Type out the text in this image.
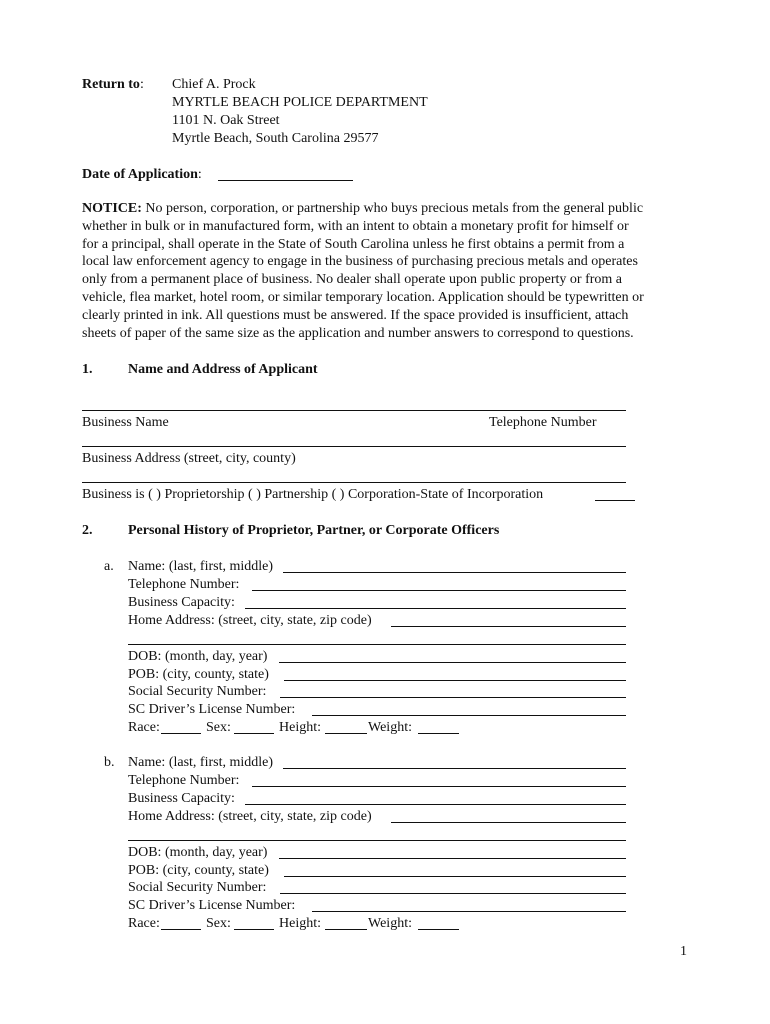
Return to: Chief A. Prock
MYRTLE BEACH POLICE DEPARTMENT
1101 N. Oak Street
Myrtle Beach, South Carolina 29577
Date of Application:
NOTICE: No person, corporation, or partnership who buys precious metals from the general public
whether in bulk or in manufactured form, with an intent to obtain a monetary profit for himself or
for a principal, shall operate in the State of South Carolina unless he first obtains a permit from a
local law enforcement agency to engage in the business of purchasing precious metals and operates
only from a permanent place of business. No dealer shall operate upon public property or from a
vehicle, flea market, hotel room, or similar temporary location. Application should be typewritten or
clearly printed in ink. All questions must be answered. If the space provided is insufficient, attach
sheets of paper of the same size as the application and number answers to correspond to questions.
1.	Name and Address of Applicant
Business Name	Telephone Number
Business Address (street, city, county)
Business is ( ) Proprietorship ( ) Partnership ( ) Corporation-State of Incorporation
2.	Personal History of Proprietor, Partner, or Corporate Officers
a. Name: (last, first, middle)
Telephone Number:
Business Capacity:
Home Address: (street, city, state, zip code)
DOB: (month, day, year)
POB: (city, county, state)
Social Security Number:
SC Driver’s License Number:
Race:	Sex:	Height:	Weight:
b. Name: (last, first, middle)
Telephone Number:
Business Capacity:
Home Address: (street, city, state, zip code)
DOB: (month, day, year)
POB: (city, county, state)
Social Security Number:
SC Driver’s License Number:
Race:	Sex:	Height:	Weight:
1
